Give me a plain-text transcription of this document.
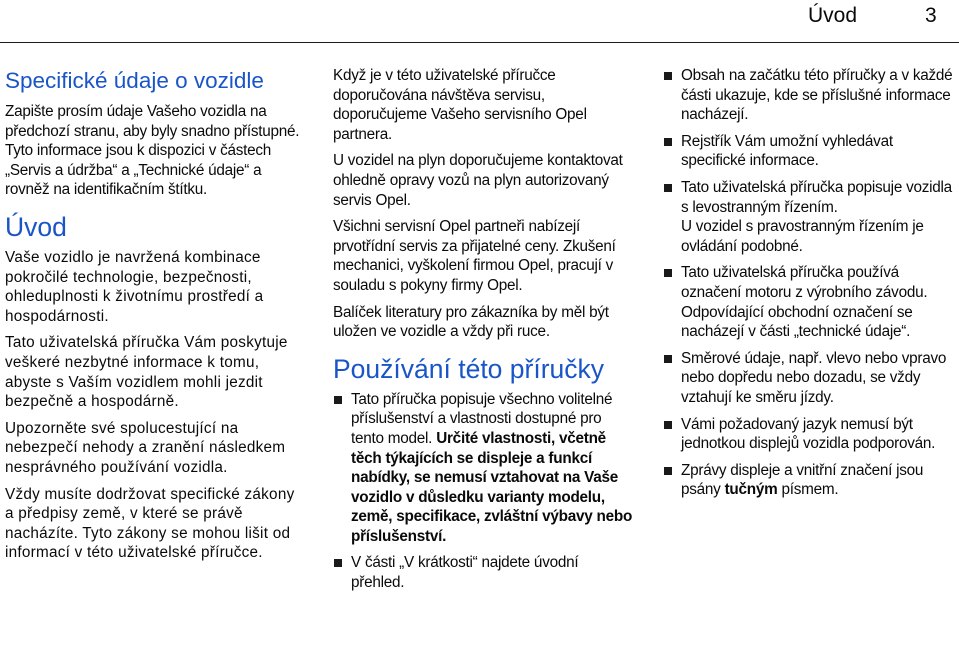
Úvod	3
Specifické údaje o vozidle

Zapište prosím údaje Vašeho vozidla na předchozí stranu, aby byly snadno přístupné. Tyto informace jsou k dispozici v částech „Servis a údržba“ a „Technické údaje“ a rovněž na identifikačním štítku.

Úvod

Vaše vozidlo je navržená kombinace pokročilé technologie, bezpečnosti, ohleduplnosti k životnímu prostředí a hospodárnosti.

Tato uživatelská příručka Vám poskytuje veškeré nezbytné informace k tomu, abyste s Vaším vozidlem mohli jezdit bezpečně a hospodárně.

Upozorněte své spolucestující na nebezpečí nehody a zranění následkem nesprávného používání vozidla.

Vždy musíte dodržovat specifické zákony a předpisy země, v které se právě nacházíte. Tyto zákony se mohou lišit od informací v této uživatelské příručce.

Když je v této uživatelské příručce doporučována návštěva servisu, doporučujeme Vašeho servisního Opel partnera.

U vozidel na plyn doporučujeme kontaktovat ohledně opravy vozů na plyn autorizovaný servis Opel.

Všichni servisní Opel partneři nabízejí prvotřídní servis za přijatelné ceny. Zkušení mechanici, vyškolení firmou Opel, pracují v souladu s pokyny firmy Opel.

Balíček literatury pro zákazníka by měl být uložen ve vozidle a vždy při ruce.

Používání této příručky
Tato příručka popisuje všechno volitelné příslušenství a vlastnosti dostupné pro tento model. Určité vlastnosti, včetně těch týkajících se displeje a funkcí nabídky, se nemusí vztahovat na Vaše vozidlo v důsledku varianty modelu, země, specifikace, zvláštní výbavy nebo příslušenství.
V části „V krátkosti“ najdete úvodní přehled.
Obsah na začátku této příručky a v každé části ukazuje, kde se příslušné informace nacházejí.
Rejstřík Vám umožní vyhledávat specifické informace.
Tato uživatelská příručka popisuje vozidla s levostranným řízením.
U vozidel s pravostranným řízením je ovládání podobné.
Tato uživatelská příručka používá označení motoru z výrobního závodu. Odpovídající obchodní označení se nacházejí v části „technické údaje“.
Směrové údaje, např. vlevo nebo vpravo nebo dopředu nebo dozadu, se vždy vztahují ke směru jízdy.
Vámi požadovaný jazyk nemusí být jednotkou displejů vozidla podporován.
Zprávy displeje a vnitřní značení jsou psány tučným písmem.
